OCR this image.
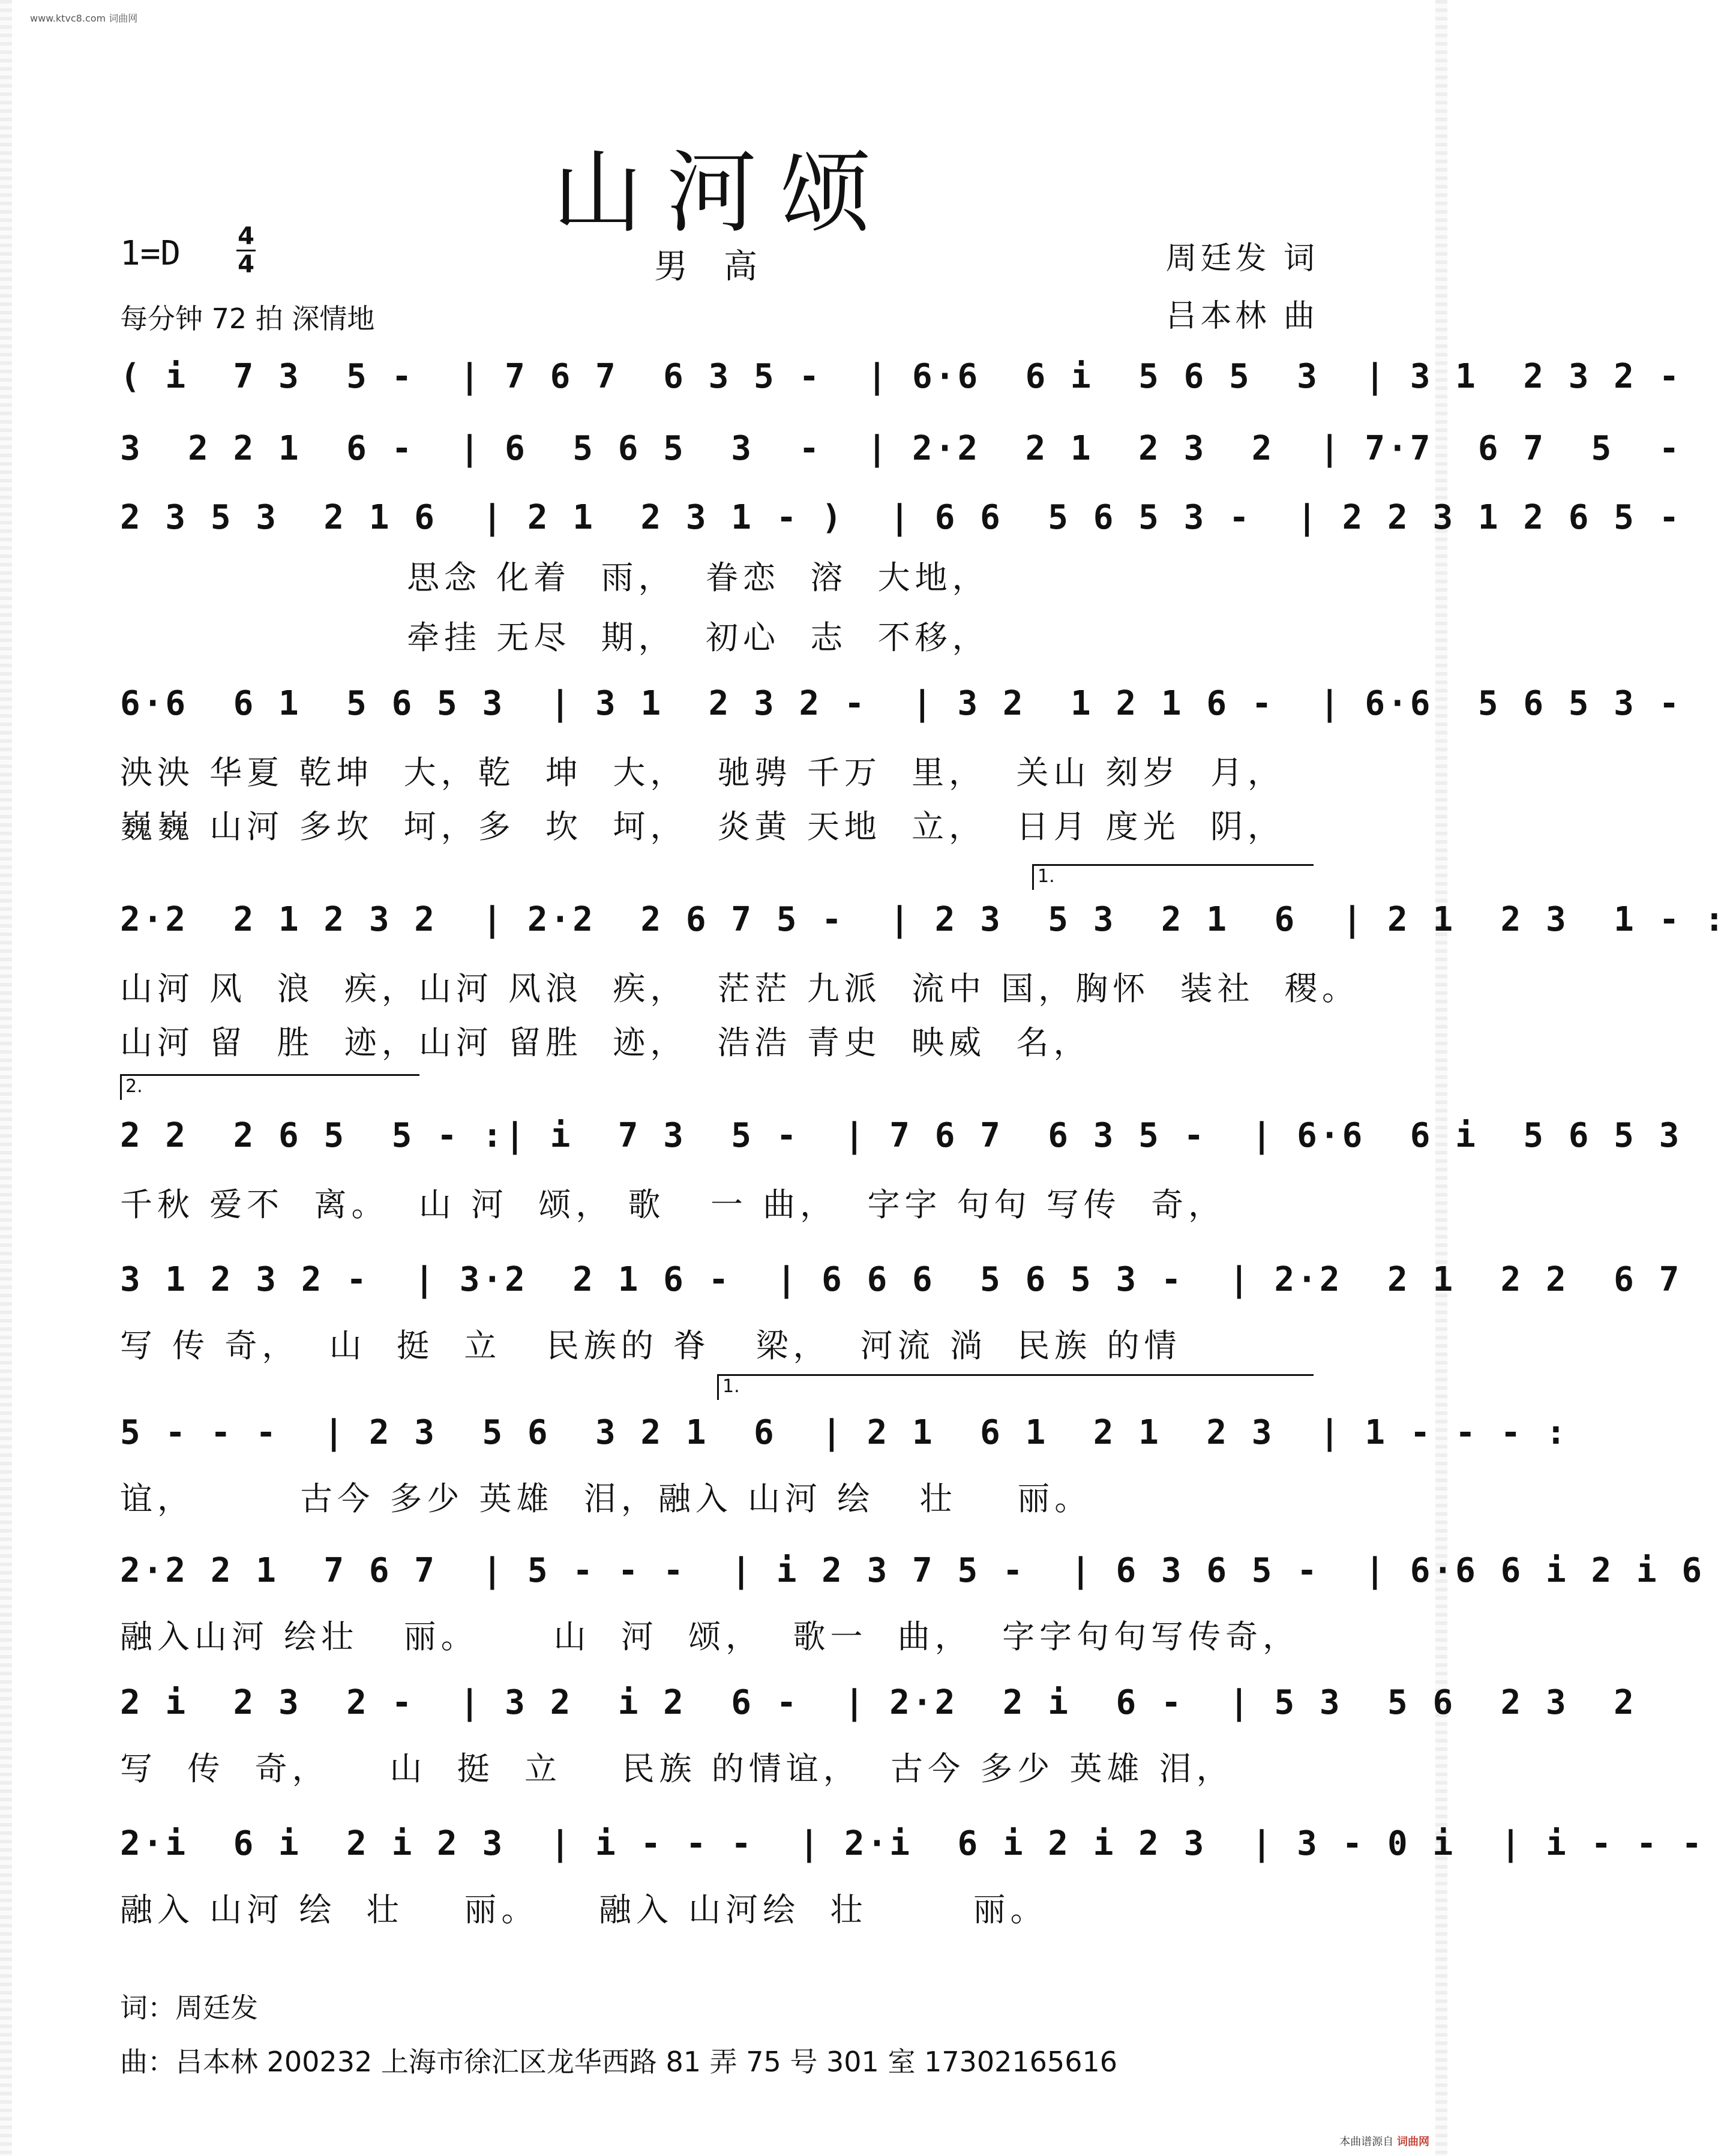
www.ktvc8.com 词曲网
山河颂
1=D 4
4	男高	周廷发 词
吕本林 曲
每分钟 72 拍 深情地
( i  7 3  5 -  | 7 6 7  6 3 5 -  | 6·6  6 i  5 6 5  3  | 3 1  2 3 2 -
3  2 2 1  6 -  | 6  5 6 5  3  -  | 2·2  2 1  2 3  2  | 7·7  6 7  5  -
2 3 5 3  2 1 6  | 2 1  2 3 1 - )  | 6 6  5 6 5 3 -  | 2 2 3 1 2 6 5 -
思念 化着  雨，  眷恋  溶  大地，
牵挂 无尽  期，  初心  志  不移，
6·6  6 1  5 6 5 3  | 3 1  2 3 2 -  | 3 2  1 2 1 6 -  | 6·6  5 6 5 3 -
泱泱 华夏 乾坤  大，乾  坤  大，  驰骋 千万  里，  关山 刻岁  月，
巍巍 山河 多坎  坷，多  坎  坷，  炎黄 天地  立，  日月 度光  阴，
1.
2·2  2 1 2 3 2  | 2·2  2 6 7 5 -  | 2 3  5 3  2 1  6  | 2 1  2 3  1 - :
山河 风  浪  疾，山河 风浪  疾，  茫茫 九派  流中 国，胸怀  装社  稷。
山河 留  胜  迹，山河 留胜  迹，  浩浩 青史  映威  名，
2.
2 2  2 6 5  5 - :| i  7 3  5 -  | 7 6 7  6 3 5 -  | 6·6  6 i  5 6 5 3
千秋 爱不  离。  山 河  颂， 歌   一 曲，  字字 句句 写传  奇，
3 1 2 3 2 -  | 3·2  2 1 6 -  | 6 6 6  5 6 5 3 -  | 2·2  2 1  2 2  6 7
写 传 奇，  山  挺  立   民族的 脊   梁，  河流 淌  民族 的情
1.
5 - - -  | 2 3  5 6  3 2 1  6  | 2 1  6 1  2 1  2 3  | 1 - - - :
谊，       古今 多少 英雄  泪，融入 山河 绘   壮    丽。
2·2 2 1  7 6 7  | 5 - - -  | i 2 3 7 5 -  | 6 3 6 5 -  | 6·6 6 i 2 i 6
融入山河 绘壮   丽。     山  河  颂，  歌一  曲，  字字句句写传奇，
2 i  2 3  2 -  | 3 2  i 2  6 -  | 2·2  2 i  6 -  | 5 3  5 6  2 3  2
写  传  奇，    山  挺  立    民族 的情谊，  古今 多少 英雄 泪，
2·i  6 i  2 i 2 3  | i - - -  | 2·i  6 i 2 i 2 3  | 3 - 0 i  | i - - -
融入 山河 绘  壮    丽。    融入 山河绘  壮       丽。
词：周廷发
曲：吕本林 200232 上海市徐汇区龙华西路 81 弄 75 号 301 室 17302165616
本曲谱源自 词曲网
